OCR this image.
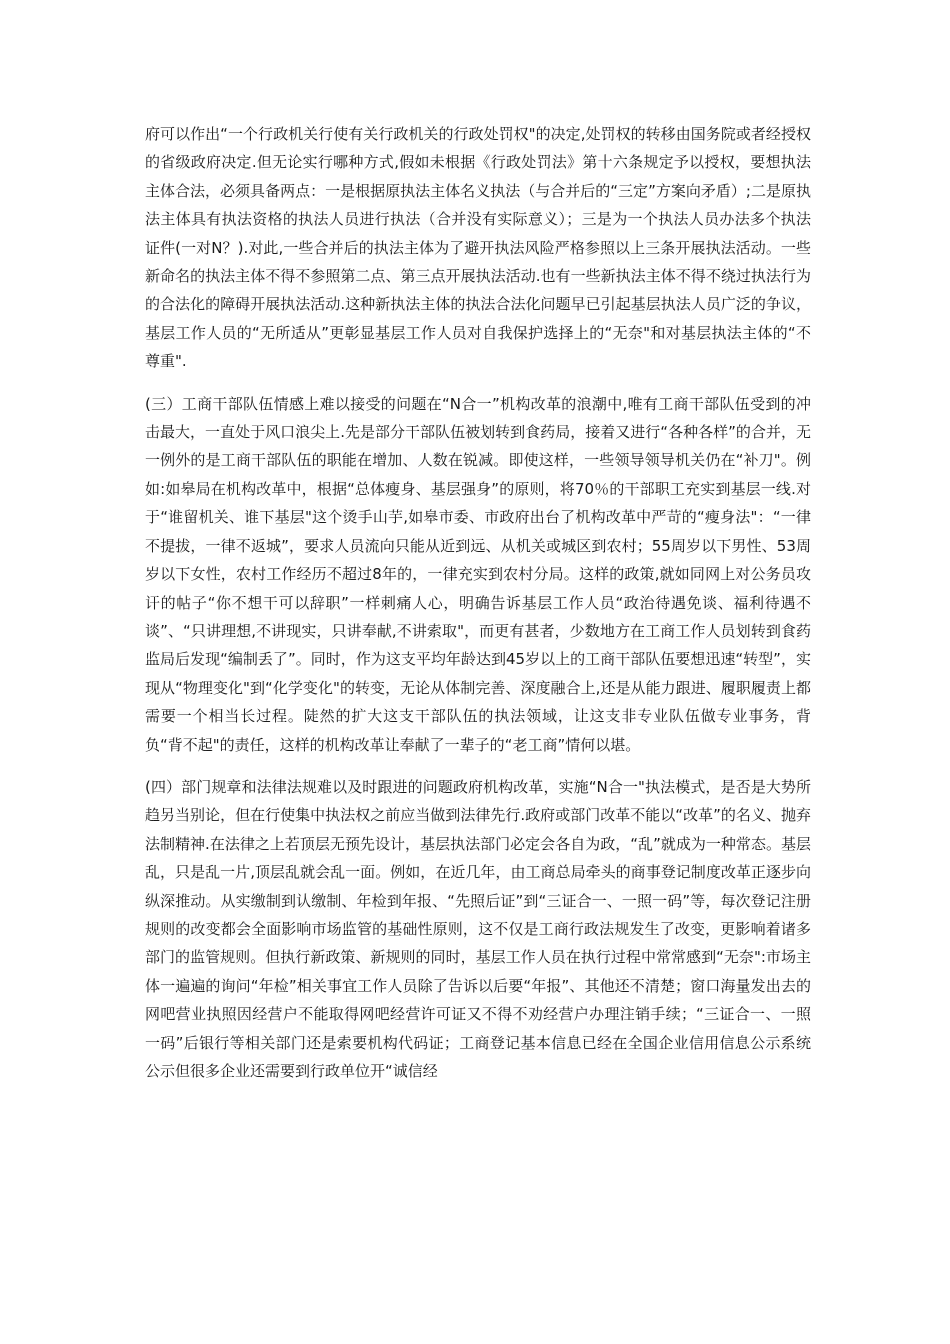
府可以作出“一个行政机关行使有关行政机关的行政处罚权"的决定,处罚权的转移由国务院或者经授权的省级政府决定.但无论实行哪种方式,假如未根据《行政处罚法》第十六条规定予以授权，要想执法主体合法，必须具备两点：一是根据原执法主体名义执法（与合并后的“三定”方案向矛盾）;二是原执法主体具有执法资格的执法人员进行执法（合并没有实际意义）；三是为一个执法人员办法多个执法证件(一对N？).对此,一些合并后的执法主体为了避开执法风险严格参照以上三条开展执法活动。一些新命名的执法主体不得不参照第二点、第三点开展执法活动.也有一些新执法主体不得不绕过执法行为的合法化的障碍开展执法活动.这种新执法主体的执法合法化问题早已引起基层执法人员广泛的争议，基层工作人员的“无所适从”更彰显基层工作人员对自我保护选择上的“无奈"和对基层执法主体的“不尊重".

(三）工商干部队伍情感上难以接受的问题在“N合一”机构改革的浪潮中,唯有工商干部队伍受到的冲击最大，一直处于风口浪尖上.先是部分干部队伍被划转到食药局，接着又进行“各种各样”的合并，无一例外的是工商干部队伍的职能在增加、人数在锐减。即使这样，一些领导领导机关仍在“补刀"。例如:如皋局在机构改革中，根据“总体瘦身、基层强身”的原则，将70％的干部职工充实到基层一线.对于“谁留机关、谁下基层"这个烫手山芋,如皋市委、市政府出台了机构改革中严苛的“瘦身法"：“一律不提拔，一律不返城”，要求人员流向只能从近到远、从机关或城区到农村；55周岁以下男性、53周岁以下女性，农村工作经历不超过8年的，一律充实到农村分局。这样的政策,就如同网上对公务员攻讦的帖子“你不想干可以辞职”一样刺痛人心，明确告诉基层工作人员“政治待遇免谈、福利待遇不谈”、“只讲理想,不讲现实，只讲奉献,不讲索取"，而更有甚者，少数地方在工商工作人员划转到食药监局后发现“编制丢了”。同时，作为这支平均年龄达到45岁以上的工商干部队伍要想迅速“转型”，实现从“物理变化"到“化学变化"的转变，无论从体制完善、深度融合上,还是从能力跟进、履职履责上都需要一个相当长过程。陡然的扩大这支干部队伍的执法领域，让这支非专业队伍做专业事务，背负“背不起"的责任，这样的机构改革让奉献了一辈子的“老工商”情何以堪。

(四）部门规章和法律法规难以及时跟进的问题政府机构改革，实施“N合一"执法模式，是否是大势所趋另当别论，但在行使集中执法权之前应当做到法律先行.政府或部门改革不能以“改革”的名义、抛弃法制精神.在法律之上若顶层无预先设计，基层执法部门必定会各自为政，“乱”就成为一种常态。基层乱，只是乱一片,顶层乱就会乱一面。例如，在近几年，由工商总局牵头的商事登记制度改革正逐步向纵深推动。从实缴制到认缴制、年检到年报、“先照后证”到“三证合一、一照一码”等，每次登记注册规则的改变都会全面影响市场监管的基础性原则，这不仅是工商行政法规发生了改变，更影响着诸多部门的监管规则。但执行新政策、新规则的同时，基层工作人员在执行过程中常常感到“无奈":市场主体一遍遍的询问“年检”相关事宜工作人员除了告诉以后要“年报”、其他还不清楚；窗口海量发出去的网吧营业执照因经营户不能取得网吧经营许可证又不得不劝经营户办理注销手续；“三证合一、一照一码”后银行等相关部门还是索要机构代码证；工商登记基本信息已经在全国企业信用信息公示系统公示但很多企业还需要到行政单位开“诚信经
